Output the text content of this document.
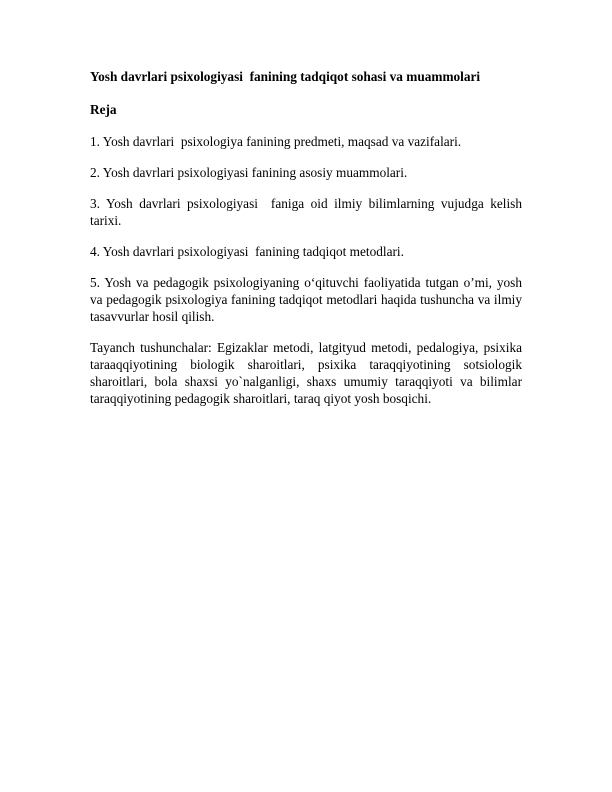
Yosh davrlari psixologiyasi  fanining tadqiqot sohasi va muammolari
Reja
1. Yosh davrlari  psixologiya fanining predmeti, maqsad va vazifalari.
2. Yosh davrlari psixologiyasi fanining asosiy muammolari.
3. Yosh davrlari psixologiyasi  faniga oid ilmiy bilimlarning vujudga kelish tarixi.
4. Yosh davrlari psixologiyasi  fanining tadqiqot metodlari.
5. Yosh va pedagogik psixologiyaning o‘qituvchi faoliyatida tutgan o’mi, yosh va pedagogik psixologiya fanining tadqiqot metodlari haqida tushuncha va ilmiy tasavvurlar hosil qilish.
Tayanch tushunchalar: Egizaklar metodi, latgityud metodi, pedalogiya, psixika taraaqqiyotining biologik sharoitlari, psixika taraqqiyotining sotsiologik sharoitlari, bola shaxsi yo`nalganligi, shaxs umumiy taraqqiyoti va bilimlar taraqqiyotining pedagogik sharoitlari, taraq qiyot yosh bosqichi.
